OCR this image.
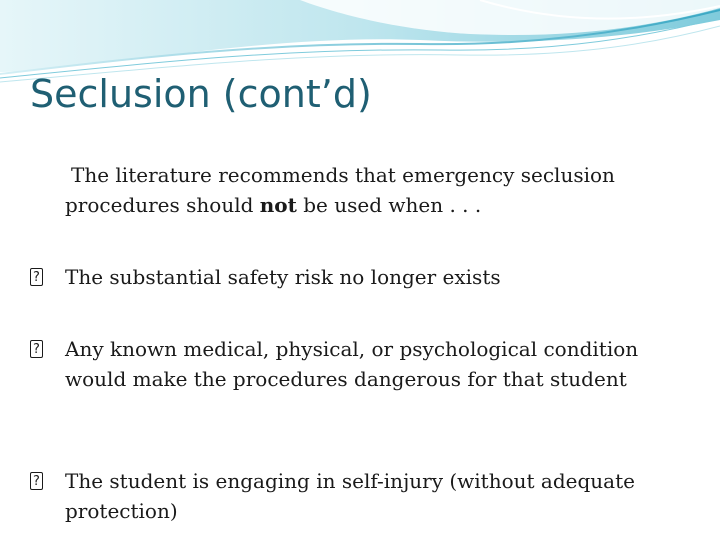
Seclusion (cont’d)

The literature recommends that emergency seclusion procedures should not be used when . . .

?
The substantial safety risk no longer exists

?
Any known medical, physical, or psychological condition would make the procedures dangerous for that student

?
The student is engaging in self-injury (without adequate protection)
